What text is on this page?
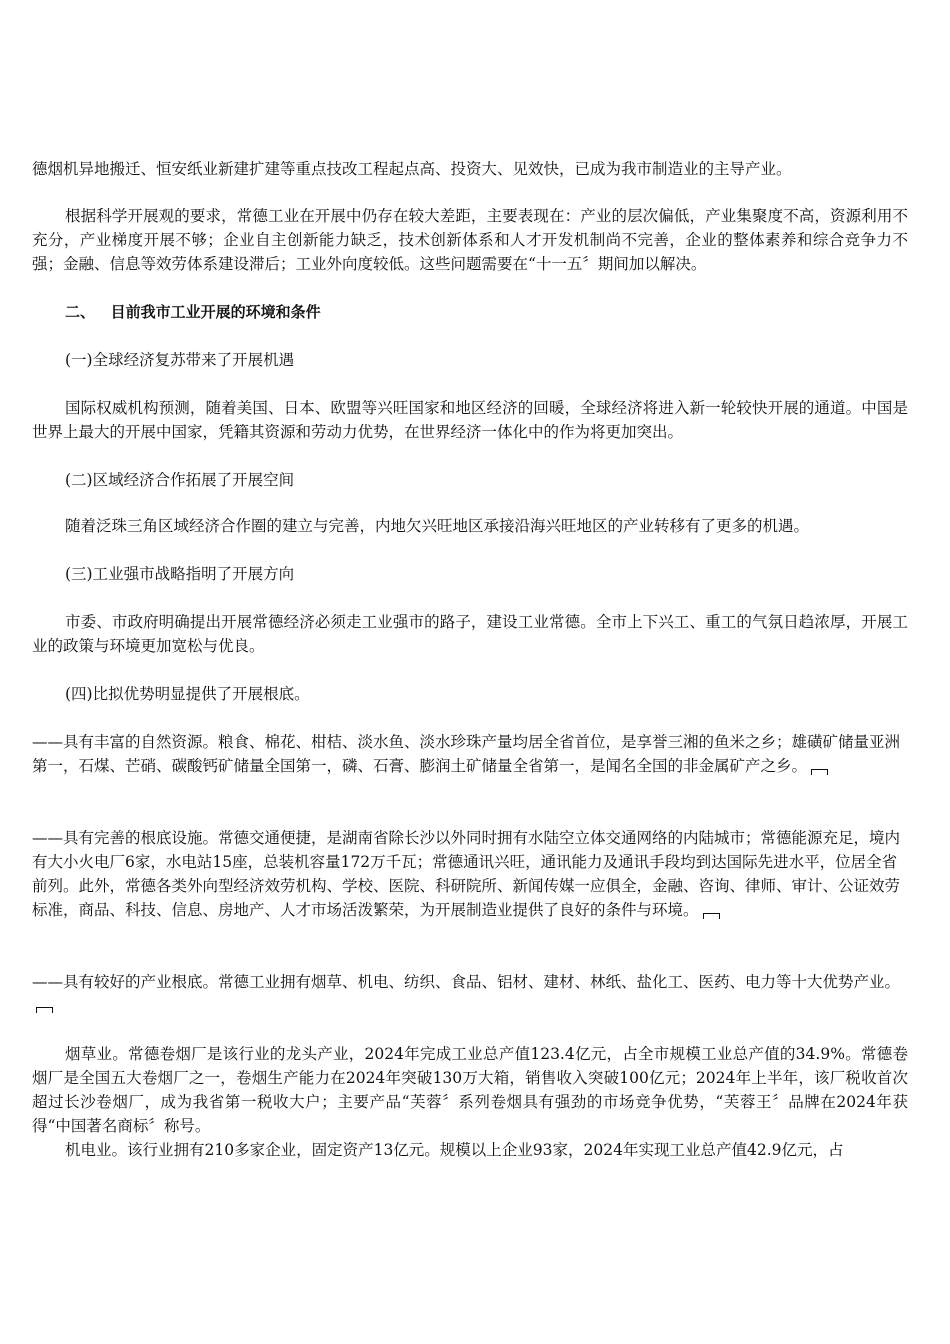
德烟机异地搬迁、恒安纸业新建扩建等重点技改工程起点高、投资大、见效快，已成为我市制造业的主导产业。

根据科学开展观的要求，常德工业在开展中仍存在较大差距，主要表现在：产业的层次偏低，产业集聚度不高，资源利用不充分，产业梯度开展不够；企业自主创新能力缺乏，技术创新体系和人才开发机制尚不完善，企业的整体素养和综合竞争力不强；金融、信息等效劳体系建设滞后；工业外向度较低。这些问题需要在“十一五〞期间加以解决。

二、   目前我市工业开展的环境和条件

(一)全球经济复苏带来了开展机遇

国际权威机构预测，随着美国、日本、欧盟等兴旺国家和地区经济的回暖，全球经济将进入新一轮较快开展的通道。中国是世界上最大的开展中国家，凭籍其资源和劳动力优势，在世界经济一体化中的作为将更加突出。

(二)区域经济合作拓展了开展空间

随着泛珠三角区域经济合作圈的建立与完善，内地欠兴旺地区承接沿海兴旺地区的产业转移有了更多的机遇。

(三)工业强市战略指明了开展方向

市委、市政府明确提出开展常德经济必须走工业强市的路子，建设工业常德。全市上下兴工、重工的气氛日趋浓厚，开展工业的政策与环境更加宽松与优良。

(四)比拟优势明显提供了开展根底。

——具有丰富的自然资源。粮食、棉花、柑桔、淡水鱼、淡水珍珠产量均居全省首位，是享誉三湘的鱼米之乡；雄磺矿储量亚洲第一，石煤、芒硝、碳酸钙矿储量全国第一，磷、石膏、膨润土矿储量全省第一，是闻名全国的非金属矿产之乡。

——具有完善的根底设施。常德交通便捷，是湖南省除长沙以外同时拥有水陆空立体交通网络的内陆城市；常德能源充足，境内有大小火电厂6家，水电站15座，总装机容量172万千瓦；常德通讯兴旺，通讯能力及通讯手段均到达国际先进水平，位居全省前列。此外，常德各类外向型经济效劳机构、学校、医院、科研院所、新闻传媒一应俱全，金融、咨询、律师、审计、公证效劳标准，商品、科技、信息、房地产、人才市场活泼繁荣，为开展制造业提供了良好的条件与环境。

——具有较好的产业根底。常德工业拥有烟草、机电、纺织、食品、铝材、建材、林纸、盐化工、医药、电力等十大优势产业。

烟草业。常德卷烟厂是该行业的龙头产业，2024年完成工业总产值123.4亿元，占全市规模工业总产值的34.9%。常德卷烟厂是全国五大卷烟厂之一，卷烟生产能力在2024年突破130万大箱，销售收入突破100亿元；2024年上半年，该厂税收首次超过长沙卷烟厂，成为我省第一税收大户；主要产品“芙蓉〞系列卷烟具有强劲的市场竞争优势，“芙蓉王〞品牌在2024年获得“中国著名商标〞称号。

机电业。该行业拥有210多家企业，固定资产13亿元。规模以上企业93家，2024年实现工业总产值42.9亿元，占
